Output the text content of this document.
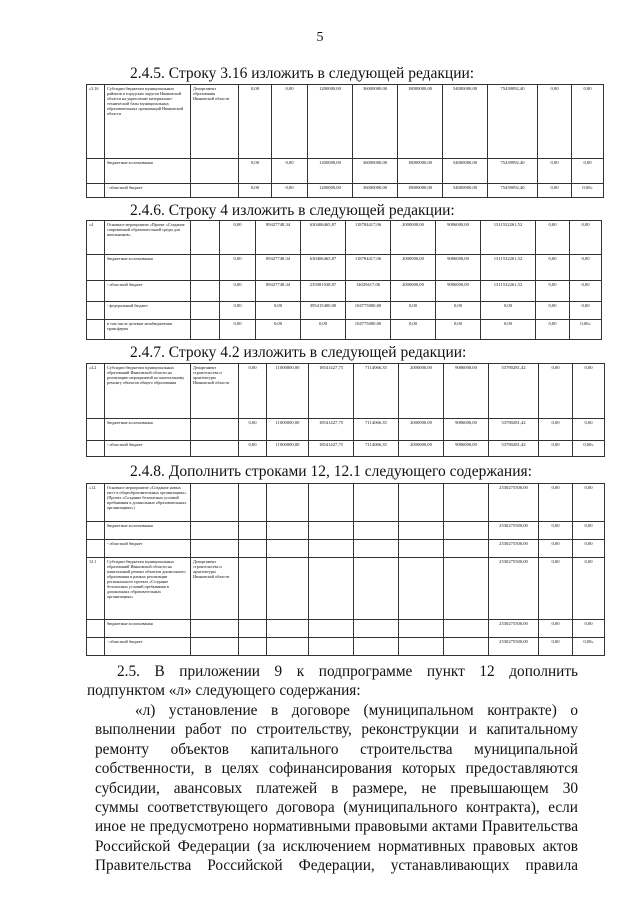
5
2.4.5. Строку 3.16 изложить в следующей редакции:
«3.16	Субсидии бюджетам муниципальных районов и городских округов Ивановской области на укрепление материально-технической базы муниципальных образовательных организаций Ивановской области	Департамент образования Ивановской области	0,00	0,00	1200000,00	36000000,00	18000000,00	54000000,00	75439092,40	0,00	0,00
	бюджетные ассигнования		0,00	0,00	1200000,00	36000000,00	18000000,00	54000000,00	75439092,40	0,00	0,00
	- областной бюджет		0,00	0,00	1200000,00	36000000,00	18000000,00	54000000,00	75439092,40	0,00	0,00»
2.4.6. Строку 4 изложить в следующей редакции:
«4	Основное мероприятие «Проект «Создание современной образовательной среды для школьников»		0,00	89427748,34	630406465,87	118784417,06	2000000,00	9086000,00	1311532261,52	0,00	0,00
	бюджетные ассигнования		0,00	89427748,34	630406465,87	118784417,06	2000000,00	9086000,00	1311532261,52	0,00	0,00
	- областной бюджет		0,00	89427748,34	235081038,87	14029417,06	2000000,00	9086000,00	1311532261,52	0,00	0,00
	- федеральный бюджет		0,00	0,00	395415400,00	104775000,00	0,00	0,00	0,00	0,00	0,00
	в том числе целевые межбюджетные трансферты		0,00	0,00	0,00	104775000,00	0,00	0,00	0,00	0,00	0,00»
2.4.7. Строку 4.2 изложить в следующей редакции:
«4.2	Субсидии бюджетам муниципальных образований Ивановской области на реализацию мероприятий по капитальному ремонту объектов общего образования	Департамент строительства и архитектуры Ивановской области	0,00	11000000,00	18541427,75	7114066,35	2000000,00	9086000,00	53780281,42	0,00	0,00
	бюджетные ассигнования		0,00	11000000,00	18541427,75	7114066,35	2000000,00	9086000,00	53780281,42	0,00	0,00
	- областной бюджет		0,00	11000000,00	18541427,75	7114066,35	2000000,00	9086000,00	53780281,42	0,00	0,00»
2.4.8. Дополнить строками 12, 12.1 следующего содержания:
«12.	Основное мероприятие «Создание новых мест в общеобразовательных организациях» (Проект «Создание безопасных условий пребывания в дошкольных образовательных организациях»)								2530275500,00	0,00	0,00
	бюджетные ассигнования								2530275500,00	0,00	0,00
	- областной бюджет								2530275500,00	0,00	0,00
12.1	Субсидии бюджетам муниципальных образований Ивановской области на капитальный ремонт объектов дошкольного образования в рамках реализации регионального проекта «Создание безопасных условий пребывания в дошкольных образовательных организациях»	Департамент строительства и архитектуры Ивановской области							2530275500,00	0,00	0,00
	бюджетные ассигнования								2530275500,00	0,00	0,00
	- областной бюджет								2530275500,00	0,00	0,00»
2.5. В приложении 9 к подпрограмме пункт 12 дополнить
подпунктом «л» следующего содержания:
«л) установление в договоре (муниципальном контракте) о
выполнении работ по строительству, реконструкции и капитальному
ремонту объектов капитального строительства муниципальной
собственности, в целях софинансирования которых предоставляются
субсидии, авансовых платежей в размере, не превышающем 30
суммы соответствующего договора (муниципального контракта), если
иное не предусмотрено нормативными правовыми актами Правительства
Российской Федерации (за исключением нормативных правовых актов
Правительства Российской Федерации, устанавливающих правила
